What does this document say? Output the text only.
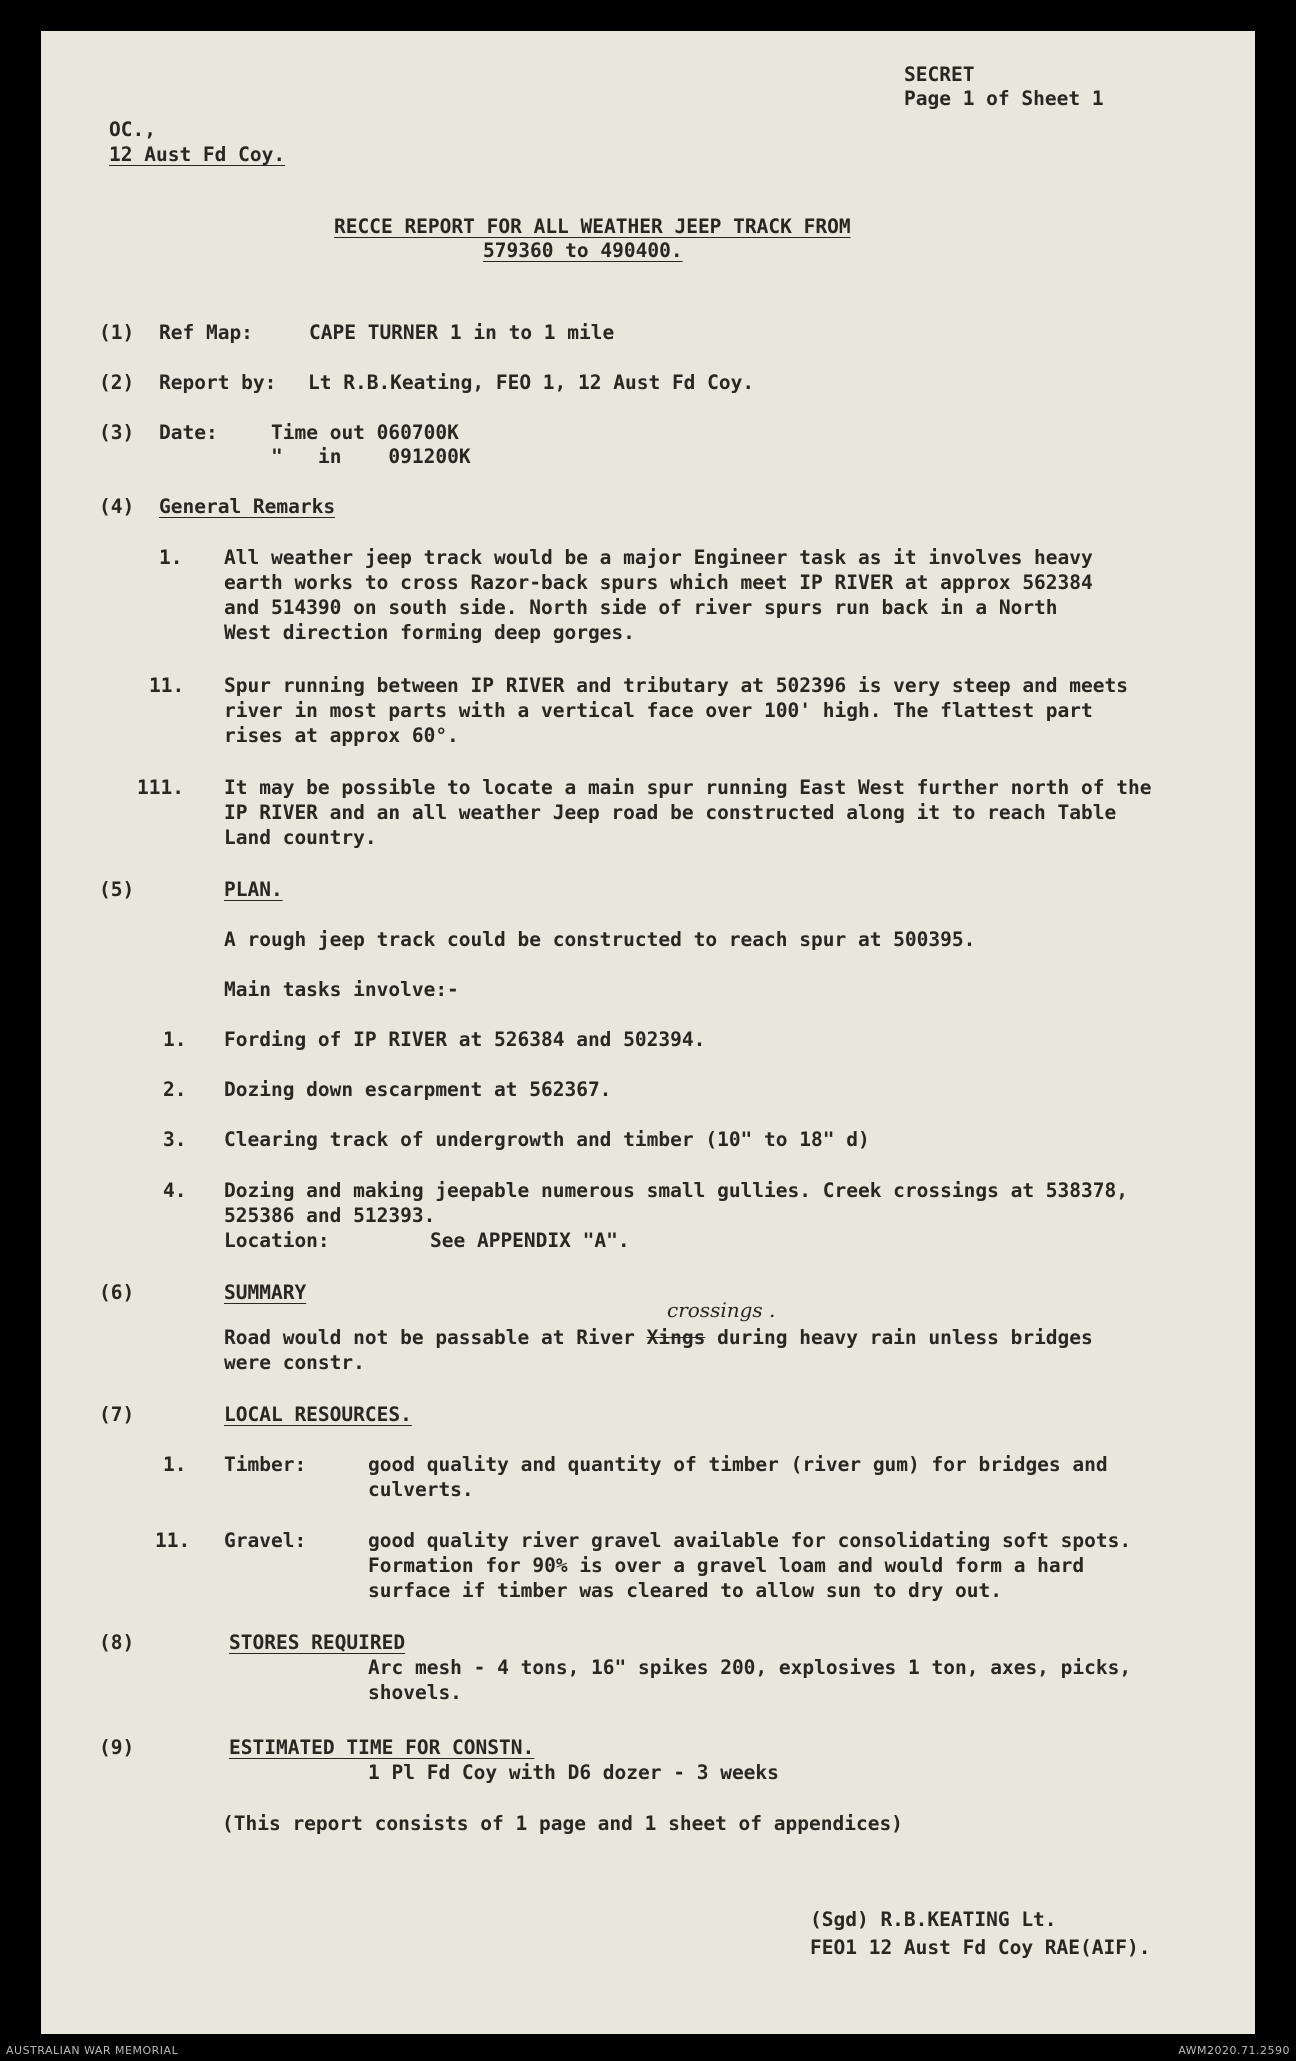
SECRET
Page 1 of Sheet 1
OC.,
12 Aust Fd Coy.
RECCE REPORT FOR ALL WEATHER JEEP TRACK FROM
579360 to 490400.
(1) Ref Map:	CAPE TURNER 1 in to 1 mile
(2) Report by: Lt R.B.Keating, FEO 1, 12 Aust Fd Coy.
(3) Date:	Time out 060700K
"   in    091200K
(4) General Remarks
1. All weather jeep track would be a major Engineer task as it involves heavy
earth works to cross Razor-back spurs which meet IP RIVER at approx 562384
and 514390 on south side. North side of river spurs run back in a North
West direction forming deep gorges.
11. Spur running between IP RIVER and tributary at 502396 is very steep and meets
river in most parts with a vertical face over 100' high. The flattest part
rises at approx 60°.
111. It may be possible to locate a main spur running East West further north of the
IP RIVER and an all weather Jeep road be constructed along it to reach Table
Land country.
(5)	PLAN.
A rough jeep track could be constructed to reach spur at 500395.
Main tasks involve:-
1. Fording of IP RIVER at 526384 and 502394.
2. Dozing down escarpment at 562367.
3. Clearing track of undergrowth and timber (10" to 18" d)
4. Dozing and making jeepable numerous small gullies. Creek crossings at 538378,
525386 and 512393.
Location:	See APPENDIX "A".
(6)	SUMMARY
crossings .
Road would not be passable at River Xings during heavy rain unless bridges
were constr.
(7)	LOCAL RESOURCES.
1. Timber:	good quality and quantity of timber (river gum) for bridges and
culverts.
11. Gravel:	good quality river gravel available for consolidating soft spots.
Formation for 90% is over a gravel loam and would form a hard
surface if timber was cleared to allow sun to dry out.
(8)	STORES REQUIRED
Arc mesh - 4 tons, 16" spikes 200, explosives 1 ton, axes, picks,
shovels.
(9)	ESTIMATED TIME FOR CONSTN.
1 Pl Fd Coy with D6 dozer - 3 weeks
(This report consists of 1 page and 1 sheet of appendices)
(Sgd) R.B.KEATING Lt.
FEO1 12 Aust Fd Coy RAE(AIF).
AUSTRALIAN WAR MEMORIAL	AWM2020.71.2590
